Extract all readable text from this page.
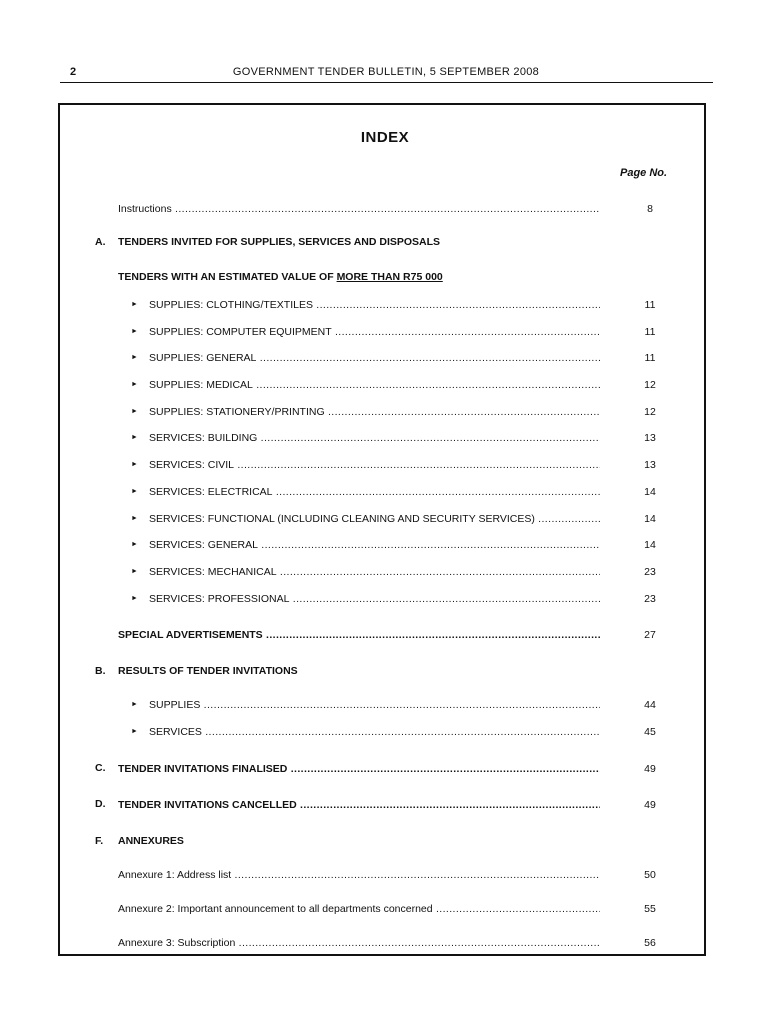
2	GOVERNMENT TENDER BULLETIN, 5 SEPTEMBER 2008
INDEX
Page No.
Instructions .....	8
A. TENDERS INVITED FOR SUPPLIES, SERVICES AND DISPOSALS
TENDERS WITH AN ESTIMATED VALUE OF MORE THAN R75 000
► SUPPLIES: CLOTHING/TEXTILES .....	11
► SUPPLIES: COMPUTER EQUIPMENT .....	11
► SUPPLIES: GENERAL .....	11
► SUPPLIES: MEDICAL .....	12
► SUPPLIES: STATIONERY/PRINTING .....	12
► SERVICES: BUILDING .....	13
► SERVICES: CIVIL .....	13
► SERVICES: ELECTRICAL .....	14
► SERVICES: FUNCTIONAL (INCLUDING CLEANING AND SECURITY SERVICES) .....	14
► SERVICES: GENERAL .....	14
► SERVICES: MECHANICAL .....	23
► SERVICES: PROFESSIONAL .....	23
SPECIAL ADVERTISEMENTS .....	27
B. RESULTS OF TENDER INVITATIONS
► SUPPLIES .....	44
► SERVICES .....	45
C. TENDER INVITATIONS FINALISED .....	49
D. TENDER INVITATIONS CANCELLED .....	49
F. ANNEXURES
Annexure 1: Address list .....	50
Annexure 2: Important announcement to all departments concerned .....	55
Annexure 3: Subscription .....	56
